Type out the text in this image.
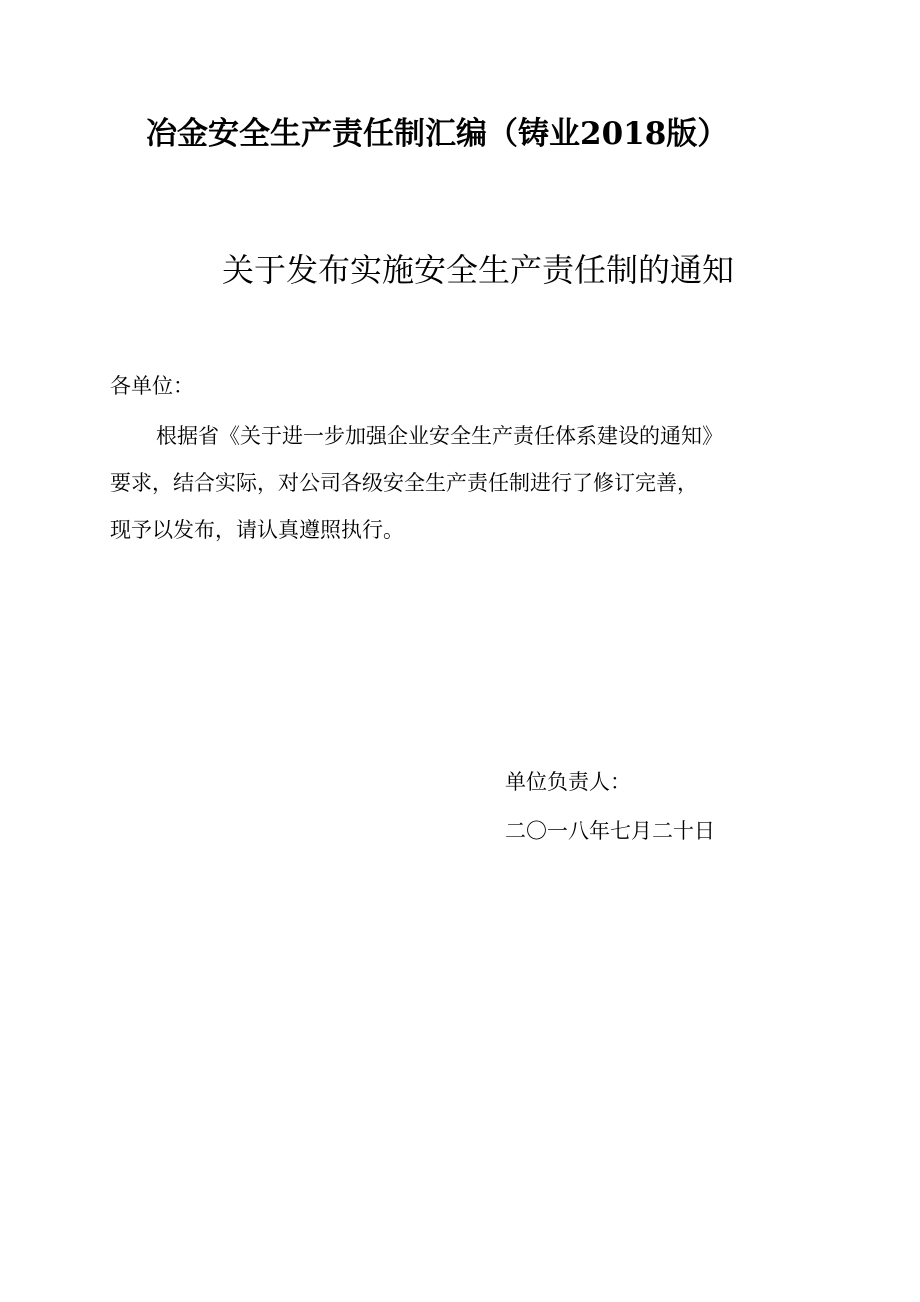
冶金安全生产责任制汇编（铸业2018版）
关于发布实施安全生产责任制的通知
各单位：
根据省《关于进一步加强企业安全生产责任体系建设的通知》
要求，结合实际，对公司各级安全生产责任制进行了修订完善，
现予以发布，请认真遵照执行。
单位负责人：
二〇一八年七月二十日
